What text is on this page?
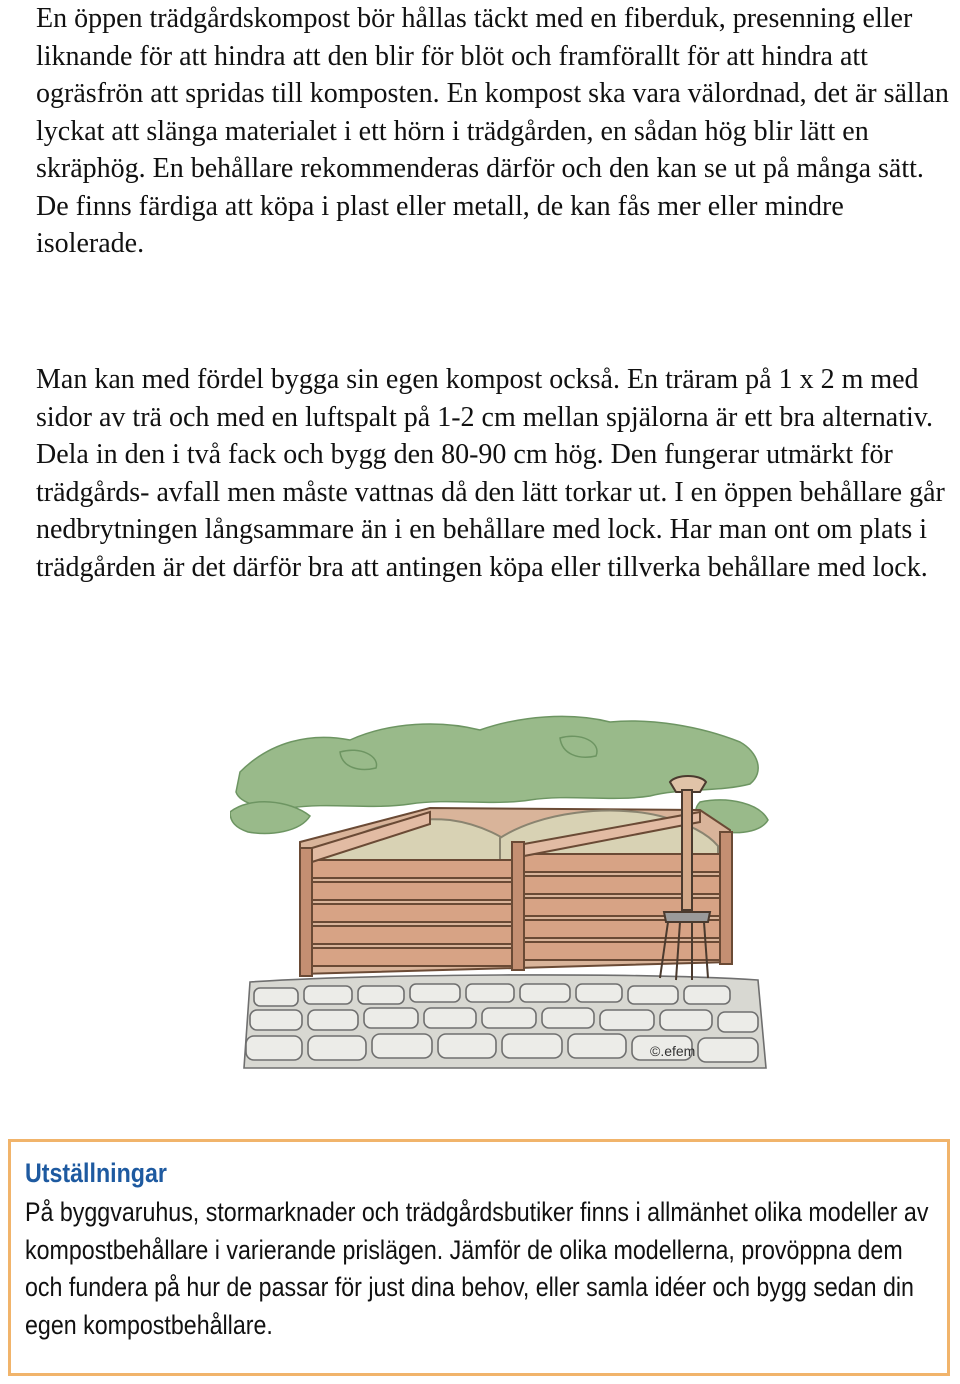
En öppen trädgårdskompost bör hållas täckt med en fiberduk, presenning eller liknande för att hindra att den blir för blöt och framförallt för att hindra att ogräsfrön att spridas till komposten. En kompost ska vara välordnad, det är sällan lyckat att slänga materialet i ett hörn i trädgården, en sådan hög blir lätt en skräphög. En behållare rekommenderas därför och den kan se ut på många sätt. De finns färdiga att köpa i plast eller metall, de kan fås mer eller mindre isolerade.

Man kan med fördel bygga sin egen kompost också. En träram på 1 x 2 m med sidor av trä och med en luftspalt på 1-2 cm mellan spjälorna är ett bra alternativ. Dela in den i två fack och bygg den 80-90 cm hög. Den fungerar utmärkt för trädgårds- avfall men måste vattnas då den lätt torkar ut. I en öppen behållare går nedbrytningen långsammare än i en behållare med lock. Har man ont om plats i trädgården är det därför bra att antingen köpa eller tillverka behållare med lock.

©.efem
Utställningar

På byggvaruhus, stormarknader och trädgårdsbutiker finns i allmänhet olika modeller av kompostbehållare i varierande prislägen. Jämför de olika modellerna, provöppna dem och fundera på hur de passar för just dina behov, eller samla idéer och bygg sedan din egen kompostbehållare.
